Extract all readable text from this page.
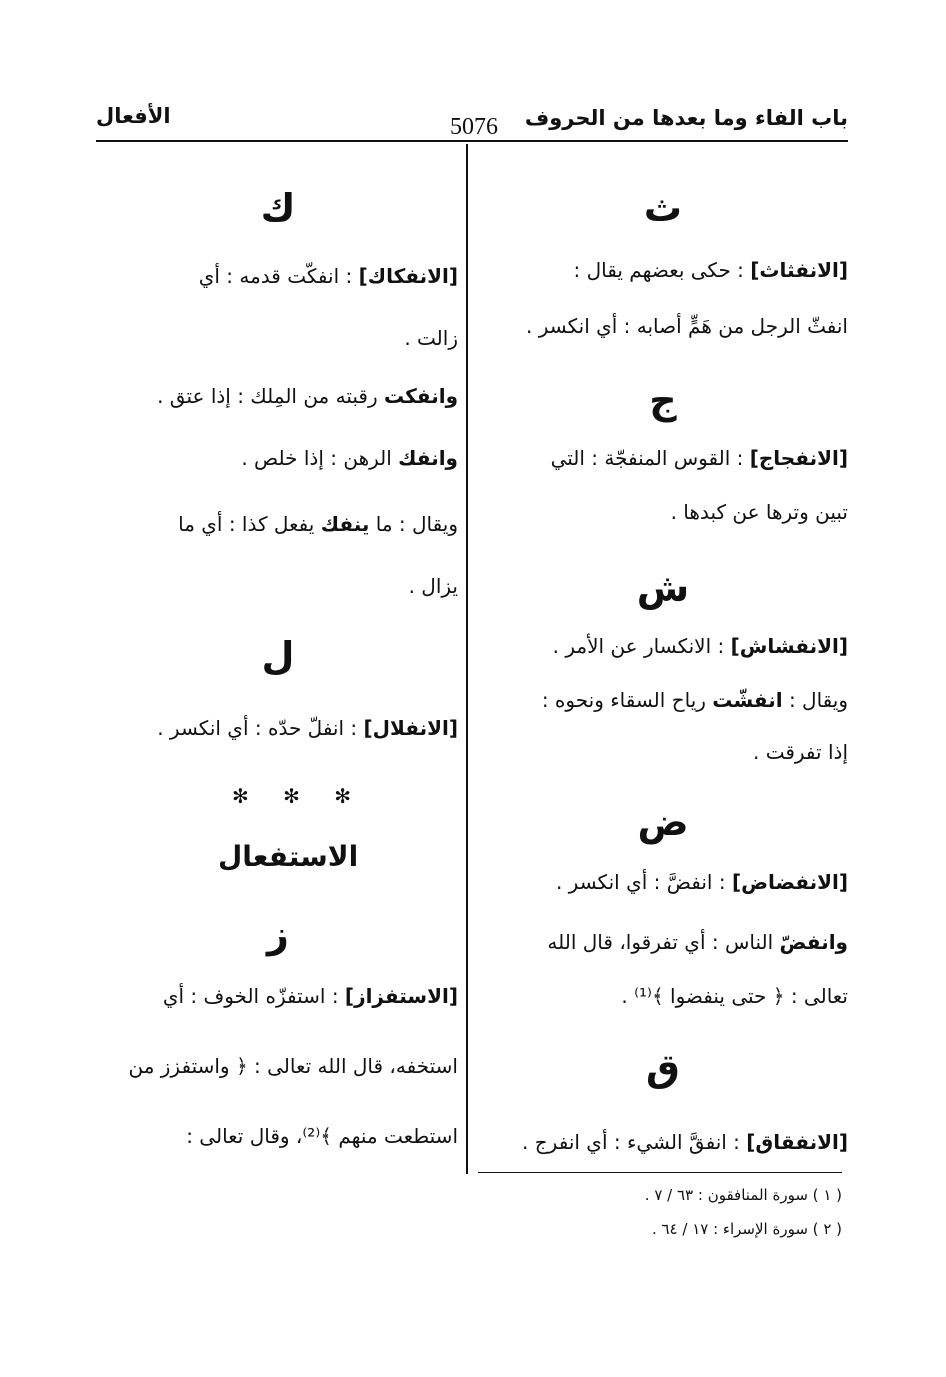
باب الفاء وما بعدها من الحروف
5076
الأفعال
ث
[الانفثاث] : حكى بعضهم يقال :
انفثّ الرجل من هَمٍّ أصابه : أي انكسر .
ج
[الانفجاج] : القوس المنفجّة : التي
تبين وترها عن كبدها .
ش
[الانفشاش] : الانكسار عن الأمر .
ويقال : انفشّت رياح السقاء ونحوه :
إذا تفرقت .
ض
[الانفضاض] : انفضَّ : أي انكسر .
وانفضّ الناس : أي تفرقوا، قال الله
تعالى : ﴿ حتى ينفضوا ﴾⁽¹⁾ .
ق
[الانفقاق] : انفقَّ الشيء : أي انفرج .
ك
[الانفكاك] : انفكّت قدمه : أي
زالت .
وانفكت رقبته من المِلك : إذا عتق .
وانفك الرهن : إذا خلص .
ويقال : ما ينفك يفعل كذا : أي ما
يزال .
ل
[الانفلال] : انفلّ حدّه : أي انكسر .
✻ ✻ ✻
الاستفعال
ز
[الاستفزاز] : استفزّه الخوف : أي
استخفه، قال الله تعالى : ﴿ واستفزز من
استطعت منهم ﴾⁽²⁾، وقال تعالى :
( ١ ) سورة المنافقون : ٦٣ / ٧ .
( ٢ ) سورة الإسراء : ١٧ / ٦٤ .
